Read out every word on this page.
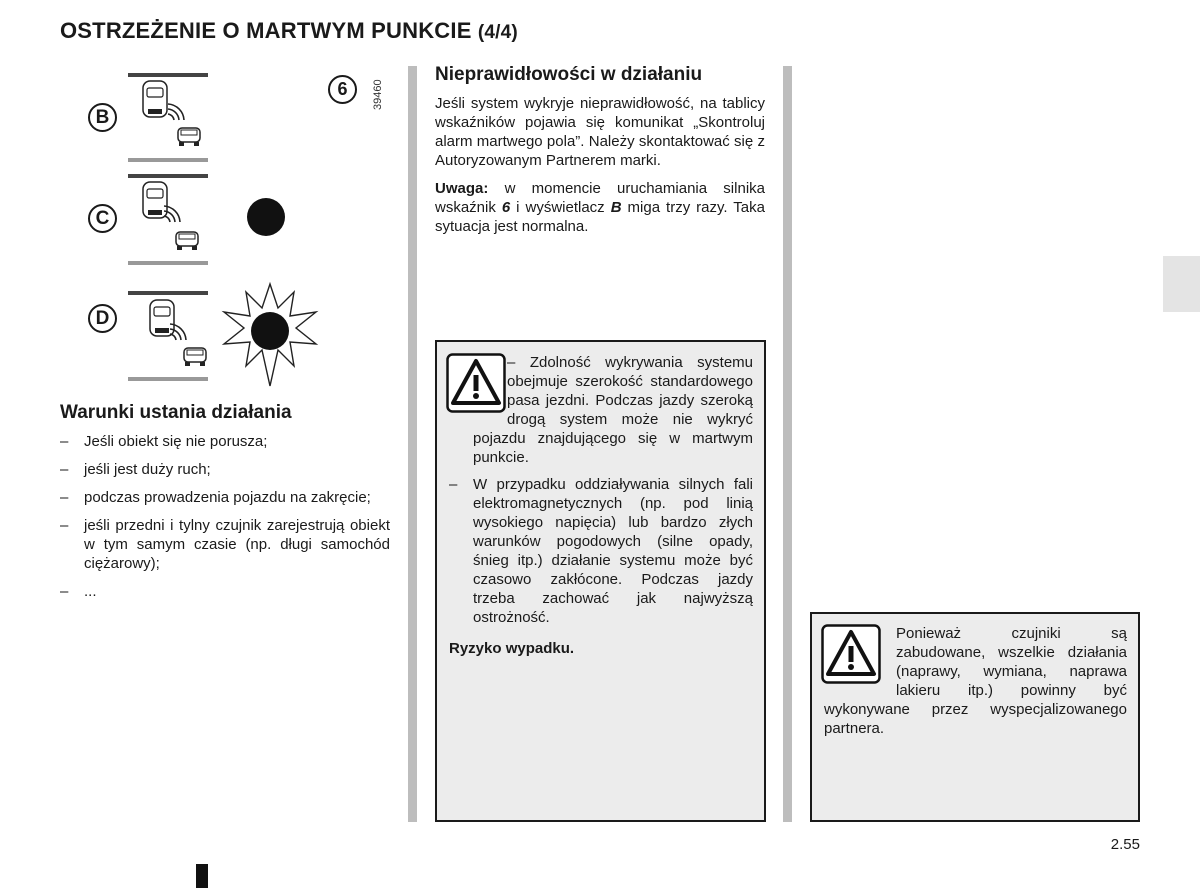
OSTRZEŻENIE O MARTWYM PUNKCIE (4/4)
B
C
D
6	39460
Warunki ustania działania
– Jeśli obiekt się nie porusza;
– jeśli jest duży ruch;
– podczas prowadzenia pojazdu na zakręcie;
– jeśli przedni i tylny czujnik zarejestrują obiekt w tym samym czasie (np. długi samochód ciężarowy);
– ...
Nieprawidłowości w działaniu

Jeśli system wykryje nieprawidłowość, na tablicy wskaźników pojawia się komunikat „Skontroluj alarm martwego pola”. Należy skontaktować się z Autoryzowanym Partnerem marki.

Uwaga: w momencie uruchamiania silnika wskaźnik 6 i wyświetlacz B miga trzy razy. Taka sytuacja jest normalna.

– Zdolność wykrywania systemu obejmuje szerokość standardowego pasa jezdni. Podczas jazdy szeroką drogą system może nie wykryć pojazdu znajdującego się w martwym punkcie.
– W przypadku oddziaływania silnych fali elektromagnetycznych (np. pod linią wysokiego napięcia) lub bardzo złych warunków pogodowych (silne opady, śnieg itp.) działanie systemu może być czasowo zakłócone. Podczas jazdy trzeba zachować jak najwyższą ostrożność.
Ryzyko wypadku.
Ponieważ czujniki są zabudowane, wszelkie działania (naprawy, wymiana, naprawa lakieru itp.) powinny być wykonywane przez wyspecjalizowanego partnera.
2.55
